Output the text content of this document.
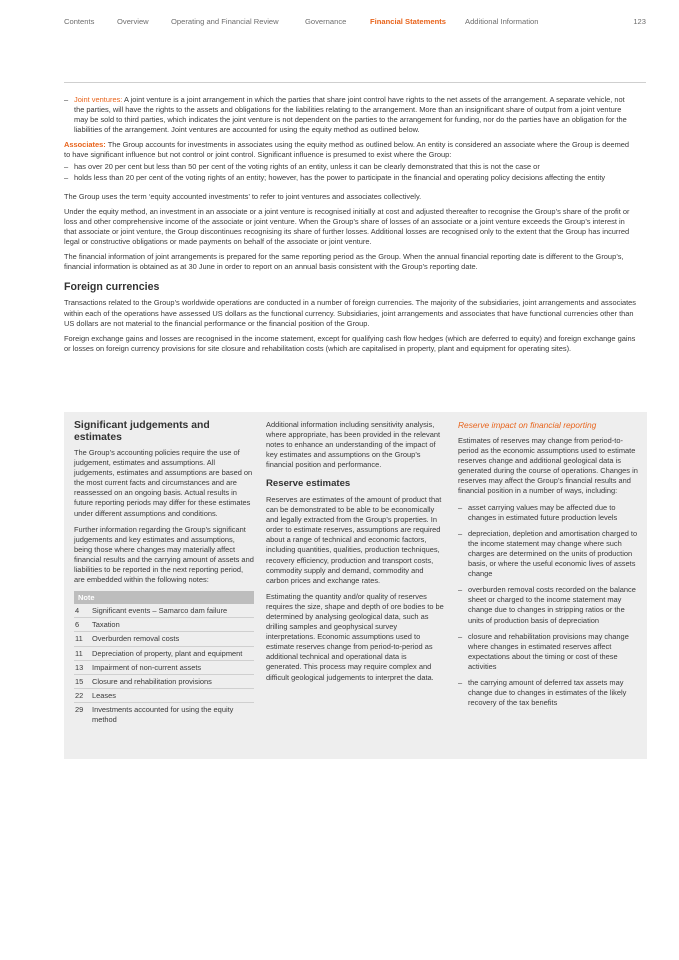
Contents	Overview	Operating and Financial Review	Governance	Financial Statements	Additional Information	123

– Joint ventures: A joint venture is a joint arrangement in which the parties that share joint control have rights to the net assets of the arrangement. A separate vehicle, not the parties, will have the rights to the assets and obligations for the liabilities relating to the arrangement. More than an insignificant share of output from a joint venture may be sold to third parties, which indicates the joint venture is not dependent on the parties to the arrangement for funding, nor do the parties have an obligation for the liabilities of the arrangement. Joint ventures are accounted for using the equity method as outlined below.

Associates: The Group accounts for investments in associates using the equity method as outlined below. An entity is considered an associate where the Group is deemed to have significant influence but not control or joint control. Significant influence is presumed to exist where the Group:

– has over 20 per cent but less than 50 per cent of the voting rights of an entity, unless it can be clearly demonstrated that this is not the case or

– holds less than 20 per cent of the voting rights of an entity; however, has the power to participate in the financial and operating policy decisions affecting the entity

The Group uses the term ‘equity accounted investments’ to refer to joint ventures and associates collectively.

Under the equity method, an investment in an associate or a joint venture is recognised initially at cost and adjusted thereafter to recognise the Group’s share of the profit or loss and other comprehensive income of the associate or joint venture. When the Group’s share of losses of an associate or a joint venture exceeds the Group’s interest in that associate or joint venture, the Group discontinues recognising its share of further losses. Additional losses are recognised only to the extent that the Group has incurred legal or constructive obligations or made payments on behalf of the associate or joint venture.

The financial information of joint arrangements is prepared for the same reporting period as the Group. When the annual financial reporting date is different to the Group’s, financial information is obtained as at 30 June in order to report on an annual basis consistent with the Group’s reporting date.

Foreign currencies

Transactions related to the Group’s worldwide operations are conducted in a number of foreign currencies. The majority of the subsidiaries, joint arrangements and associates within each of the operations have assessed US dollars as the functional currency. Subsidiaries, joint arrangements and associates that have functional currencies other than US dollars are not material to the financial performance or the financial position of the Group.

Foreign exchange gains and losses are recognised in the income statement, except for qualifying cash flow hedges (which are deferred to equity) and foreign exchange gains or losses on foreign currency provisions for site closure and rehabilitation costs (which are capitalised in property, plant and equipment for operating sites).

Significant judgements and estimates

The Group’s accounting policies require the use of judgement, estimates and assumptions. All judgements, estimates and assumptions are based on the most current facts and circumstances and are reassessed on an ongoing basis. Actual results in future reporting periods may differ for these estimates under different assumptions and conditions.

Further information regarding the Group’s significant judgements and key estimates and assumptions, being those where changes may materially affect financial results and the carrying amount of assets and liabilities to be reported in the next reporting period, are embedded within the following notes:

Note
4	Significant events – Samarco dam failure
6	Taxation
11	Overburden removal costs
11	Depreciation of property, plant and equipment
13	Impairment of non-current assets
15	Closure and rehabilitation provisions
22	Leases
29	Investments accounted for using the equity method

Additional information including sensitivity analysis, where appropriate, has been provided in the relevant notes to enhance an understanding of the impact of key estimates and assumptions on the Group’s financial position and performance.

Reserve estimates

Reserves are estimates of the amount of product that can be demonstrated to be able to be economically and legally extracted from the Group’s properties. In order to estimate reserves, assumptions are required about a range of technical and economic factors, including quantities, qualities, production techniques, recovery efficiency, production and transport costs, commodity supply and demand, commodity and carbon prices and exchange rates.

Estimating the quantity and/or quality of reserves requires the size, shape and depth of ore bodies to be determined by analysing geological data, such as drilling samples and geophysical survey interpretations. Economic assumptions used to estimate reserves change from period-to-period as additional technical and operational data is generated. This process may require complex and difficult geological judgements to interpret the data.

Reserve impact on financial reporting

Estimates of reserves may change from period-to-period as the economic assumptions used to estimate reserves change and additional geological data is generated during the course of operations. Changes in reserves may affect the Group’s financial results and financial position in a number of ways, including:

– asset carrying values may be affected due to changes in estimated future production levels

– depreciation, depletion and amortisation charged to the income statement may change where such charges are determined on the units of production basis, or where the useful economic lives of assets change

– overburden removal costs recorded on the balance sheet or charged to the income statement may change due to changes in stripping ratios or the units of production basis of depreciation

– closure and rehabilitation provisions may change where changes in estimated reserves affect expectations about the timing or cost of these activities

– the carrying amount of deferred tax assets may change due to changes in estimates of the likely recovery of the tax benefits
